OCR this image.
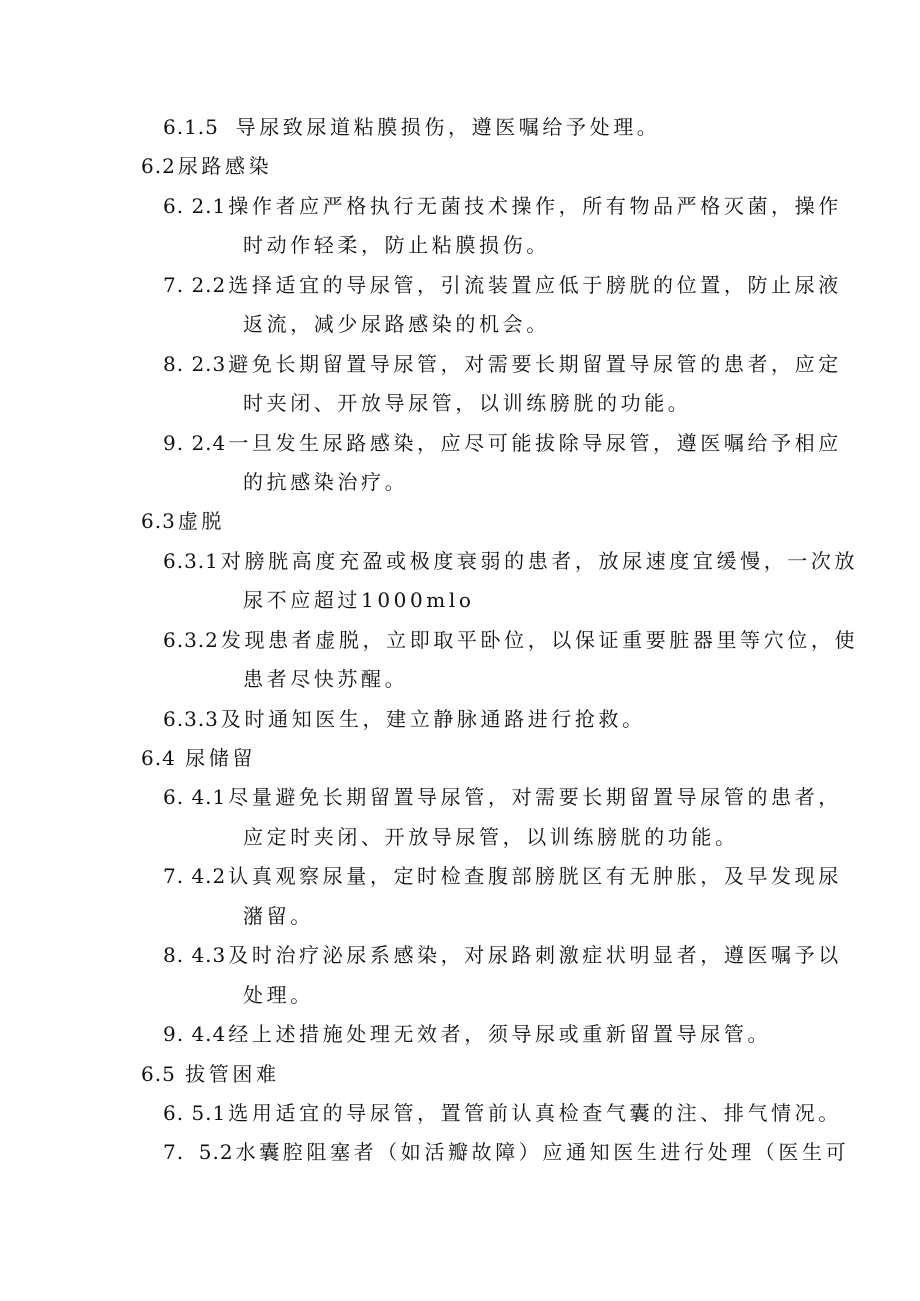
6.1.5  导尿致尿道粘膜损伤，遵医嘱给予处理。
6.2 尿路感染
6. 2.1 操作者应严格执行无菌技术操作，所有物品严格灭菌，操作
时动作轻柔，防止粘膜损伤。
7. 2.2 选择适宜的导尿管，引流装置应低于膀胱的位置，防止尿液
返流，减少尿路感染的机会。
8. 2.3 避免长期留置导尿管，对需要长期留置导尿管的患者，应定
时夹闭、开放导尿管，以训练膀胱的功能。
9. 2.4 一旦发生尿路感染，应尽可能拔除导尿管，遵医嘱给予相应
的抗感染治疗。
6.3 虚脱
6.3.1 对膀胱高度充盈或极度衰弱的患者，放尿速度宜缓慢，一次放
尿不应超过1000mlo
6.3.2 发现患者虚脱，立即取平卧位，以保证重要脏器里等穴位，使
患者尽快苏醒。
6.3.3 及时通知医生，建立静脉通路进行抢救。
6.4 尿储留
6. 4.1 尽量避免长期留置导尿管，对需要长期留置导尿管的患者，
应定时夹闭、开放导尿管，以训练膀胱的功能。
7. 4.2 认真观察尿量，定时检查腹部膀胱区有无肿胀，及早发现尿
潴留。
8. 4.3 及时治疗泌尿系感染，对尿路刺激症状明显者，遵医嘱予以
处理。
9. 4.4 经上述措施处理无效者，须导尿或重新留置导尿管。
6.5 拔管困难
6. 5.1 选用适宜的导尿管，置管前认真检查气囊的注、排气情况。
7.  5.2 水囊腔阻塞者（如活瓣故障）应通知医生进行处理（医生可
